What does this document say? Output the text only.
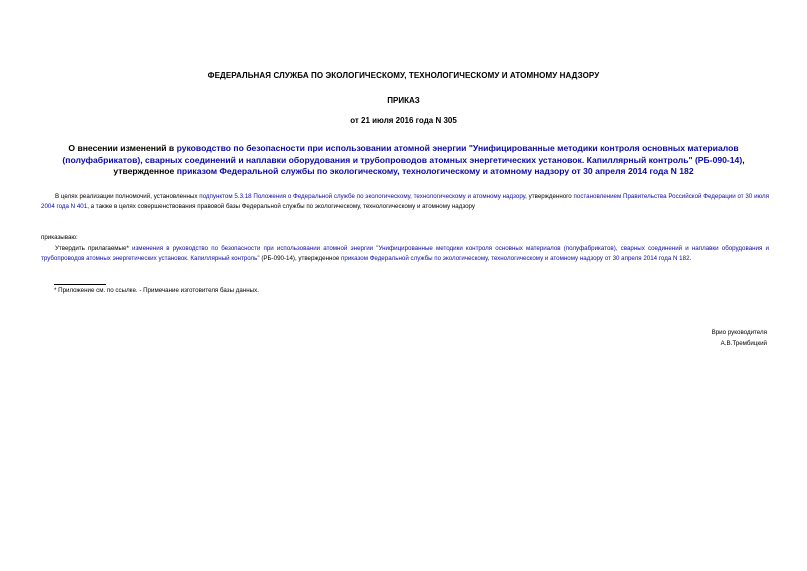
ФЕДЕРАЛЬНАЯ СЛУЖБА ПО ЭКОЛОГИЧЕСКОМУ, ТЕХНОЛОГИЧЕСКОМУ И АТОМНОМУ НАДЗОРУ
ПРИКАЗ
от 21 июля 2016 года N 305
О внесении изменений в руководство по безопасности при использовании атомной энергии "Унифицированные методики контроля основных материалов (полуфабрикатов), сварных соединений и наплавки оборудования и трубопроводов атомных энергетических установок. Капиллярный контроль" (РБ-090-14), утвержденное приказом Федеральной службы по экологическому, технологическому и атомному надзору от 30 апреля 2014 года N 182
В целях реализации полномочий, установленных подпунктом 5.3.18 Положения о Федеральной службе по экологическому, технологическому и атомному надзору, утвержденного постановлением Правительства Российской Федерации от 30 июля 2004 года N 401, а также в целях совершенствования правовой базы Федеральной службы по экологическому, технологическому и атомному надзору
приказываю:
Утвердить прилагаемые* изменения в руководство по безопасности при использовании атомной энергии "Унифицированные методики контроля основных материалов (полуфабрикатов), сварных соединений и наплавки оборудования и трубопроводов атомных энергетических установок. Капиллярный контроль" (РБ-090-14), утвержденное приказом Федеральной службы по экологическому, технологическому и атомному надзору от 30 апреля 2014 года N 182.
* Приложение см. по ссылке. - Примечание изготовителя базы данных.
Врио руководителя
А.В.Трембицкий
